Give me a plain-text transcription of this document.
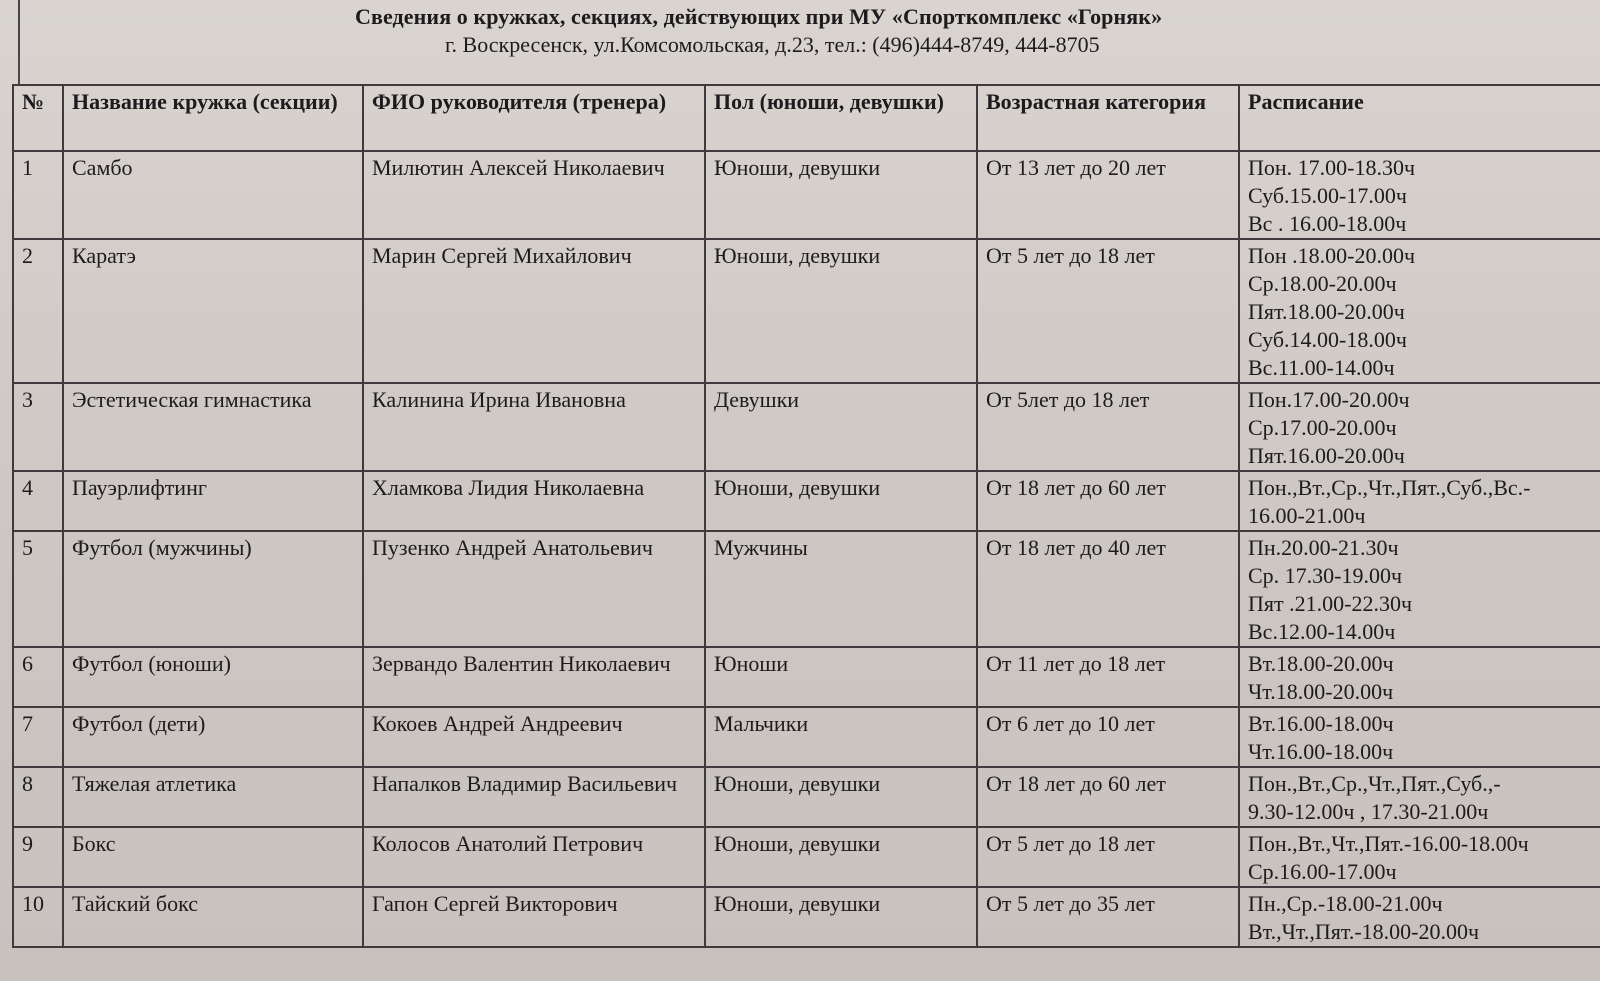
Сведения о кружках, секциях, действующих при МУ «Спорткомплекс «Горняк»
г. Воскресенск, ул.Комсомольская, д.23, тел.: (496)444-8749, 444-8705
№	Название кружка (секции)	ФИО руководителя (тренера)	Пол (юноши, девушки)	Возрастная категория	Расписание
1	Самбо	Милютин Алексей Николаевич	Юноши, девушки	От 13 лет до 20 лет	Пон. 17.00-18.30ч
Суб.15.00-17.00ч
Вс . 16.00-18.00ч

2	Каратэ	Марин Сергей Михайлович	Юноши, девушки	От 5 лет до 18 лет	Пон .18.00-20.00ч
Ср.18.00-20.00ч
Пят.18.00-20.00ч
Суб.14.00-18.00ч
Вс.11.00-14.00ч

3	Эстетическая гимнастика	Калинина Ирина Ивановна	Девушки	От 5лет до 18 лет	Пон.17.00-20.00ч
Ср.17.00-20.00ч
Пят.16.00-20.00ч

4	Пауэрлифтинг	Хламкова Лидия Николаевна	Юноши, девушки	От 18 лет до 60 лет	Пон.,Вт.,Ср.,Чт.,Пят.,Суб.,Вс.-
16.00-21.00ч

5	Футбол (мужчины)	Пузенко Андрей Анатольевич	Мужчины	От 18 лет до 40 лет	Пн.20.00-21.30ч
Ср. 17.30-19.00ч
Пят .21.00-22.30ч
Вс.12.00-14.00ч

6	Футбол (юноши)	Зервандо Валентин Николаевич	Юноши	От 11 лет до 18 лет	Вт.18.00-20.00ч
Чт.18.00-20.00ч

7	Футбол (дети)	Кокоев Андрей Андреевич	Мальчики	От 6 лет до 10 лет	Вт.16.00-18.00ч
Чт.16.00-18.00ч

8	Тяжелая атлетика	Напалков Владимир Васильевич	Юноши, девушки	От 18 лет до 60 лет	Пон.,Вт.,Ср.,Чт.,Пят.,Суб.,-
9.30-12.00ч , 17.30-21.00ч

9	Бокс	Колосов Анатолий Петрович	Юноши, девушки	От 5 лет до 18 лет	Пон.,Вт.,Чт.,Пят.-16.00-18.00ч
Ср.16.00-17.00ч

10	Тайский бокс	Гапон Сергей Викторович	Юноши, девушки	От 5 лет до 35 лет	Пн.,Ср.-18.00-21.00ч
Вт.,Чт.,Пят.-18.00-20.00ч
